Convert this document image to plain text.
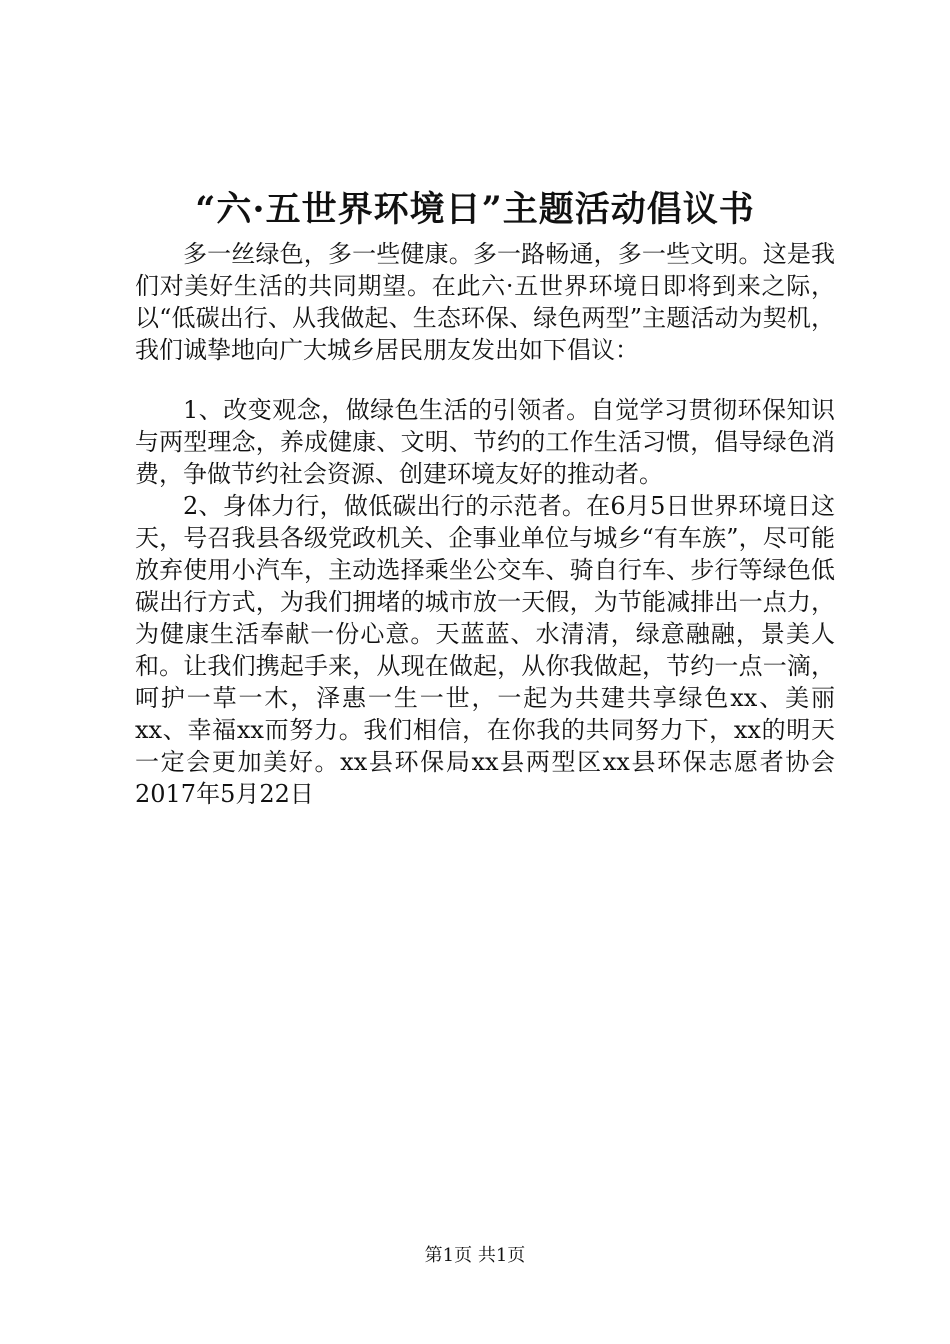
“六·五世界环境日”主题活动倡议书

多一丝绿色，多一些健康。多一路畅通，多一些文明。这是我们对美好生活的共同期望。在此六·五世界环境日即将到来之际，以“低碳出行、从我做起、生态环保、绿色两型”主题活动为契机，我们诚挚地向广大城乡居民朋友发出如下倡议：

1、改变观念，做绿色生活的引领者。自觉学习贯彻环保知识与两型理念，养成健康、文明、节约的工作生活习惯，倡导绿色消费，争做节约社会资源、创建环境友好的推动者。

2、身体力行，做低碳出行的示范者。在6月5日世界环境日这天，号召我县各级党政机关、企事业单位与城乡“有车族”，尽可能放弃使用小汽车，主动选择乘坐公交车、骑自行车、步行等绿色低碳出行方式，为我们拥堵的城市放一天假，为节能减排出一点力，为健康生活奉献一份心意。天蓝蓝、水清清，绿意融融，景美人和。让我们携起手来，从现在做起，从你我做起，节约一点一滴，呵护一草一木，泽惠一生一世，一起为共建共享绿色xx、美丽xx、幸福xx而努力。我们相信，在你我的共同努力下，xx的明天一定会更加美好。xx县环保局xx县两型区xx县环保志愿者协会2017年5月22日

第1页 共1页
